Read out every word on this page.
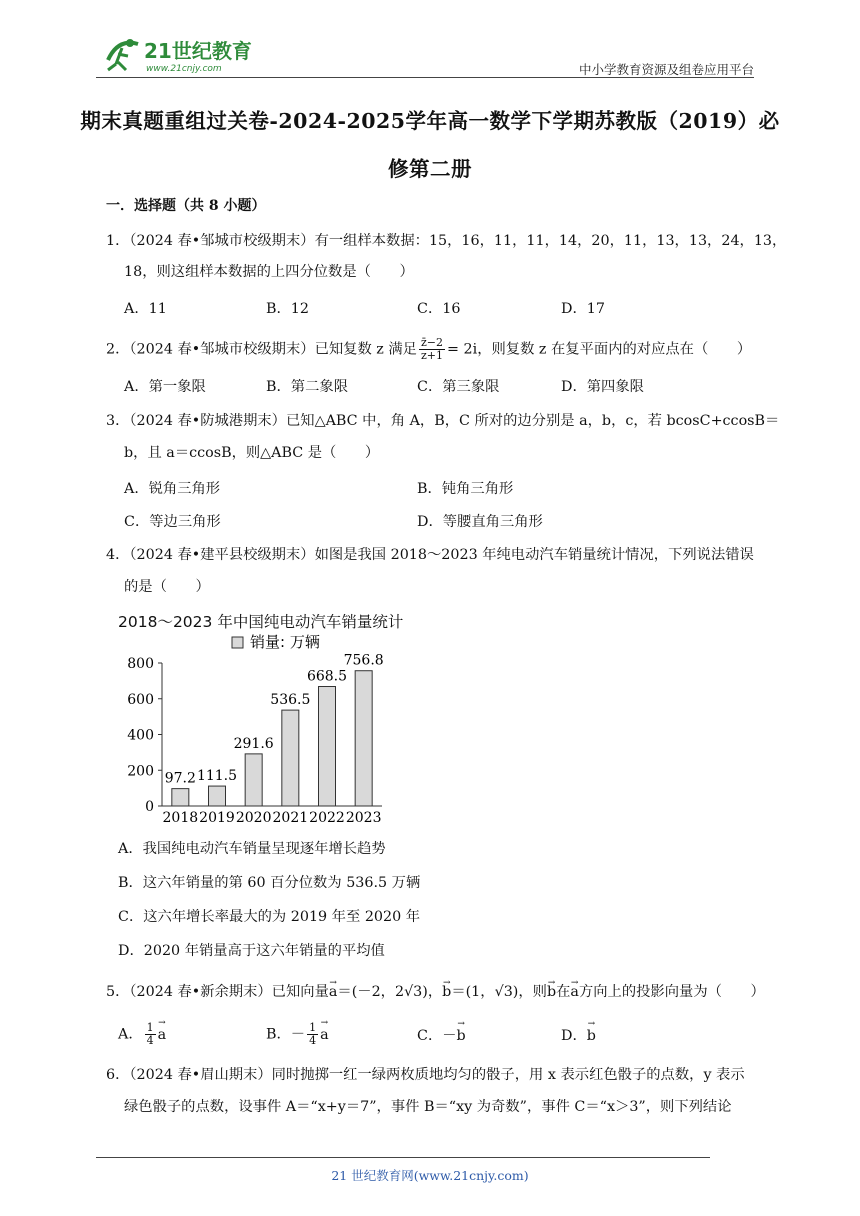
21世纪教育
www.21cnjy.com	中小学教育资源及组卷应用平台
期末真题重组过关卷-2024-2025学年高一数学下学期苏教版（2019）必
修第二册
一．选择题（共 8 小题）
1．（2024 春•邹城市校级期末）有一组样本数据：15，16，11，11，14，20，11，13，13，24，13，
18，则这组样本数据的上四分位数是（　　）
A．11	B．12	C．16	D．17
2．（2024 春•邹城市校级期末）已知复数 z 满足 $\frac{z̄-2}{z+1} = 2i$，则复数 z 在复平面内的对应点在（　　）
A．第一象限	B．第二象限	C．第三象限	D．第四象限
3．（2024 春•防城港期末）已知△ABC 中，角 A，B，C 所对的边分别是 a，b，c，若 bcosC+ccosB＝
b，且 a＝ccosB，则△ABC 是（　　）
A．锐角三角形	B．钝角三角形
C．等边三角形	D．等腰直角三角形
4．（2024 春•建平县校级期末）如图是我国 2018～2023 年纯电动汽车销量统计情况，下列说法错误
的是（　　）
2018～2023 年中国纯电动汽车销量统计
销量: 万辆
0
200
400
600
800
97.2
2018
111.5
2019
291.6
2020
536.5
2021
668.5
2022
756.8
2023
A．我国纯电动汽车销量呈现逐年增长趋势
B．这六年销量的第 60 百分位数为 536.5 万辆
C．这六年增长率最大的为 2019 年至 2020 年
D．2020 年销量高于这六年销量的平均值
5．（2024 春•新余期末）已知向量→ a＝(－2，2√3)，→ b＝(1，√3)，则→ b在→ a方向上的投影向量为（　　）
A． $\frac{1}{4}$
→ a	B．－ $\frac{1}{4}$
→ a	C．－→ b	D．→ b
6．（2024 春•眉山期末）同时抛掷一红一绿两枚质地均匀的骰子，用 x 表示红色骰子的点数，y 表示
绿色骰子的点数，设事件 A＝“x+y＝7”，事件 B＝“xy 为奇数”，事件 C＝“x＞3”，则下列结论
21 世纪教育网(www.21cnjy.com)
